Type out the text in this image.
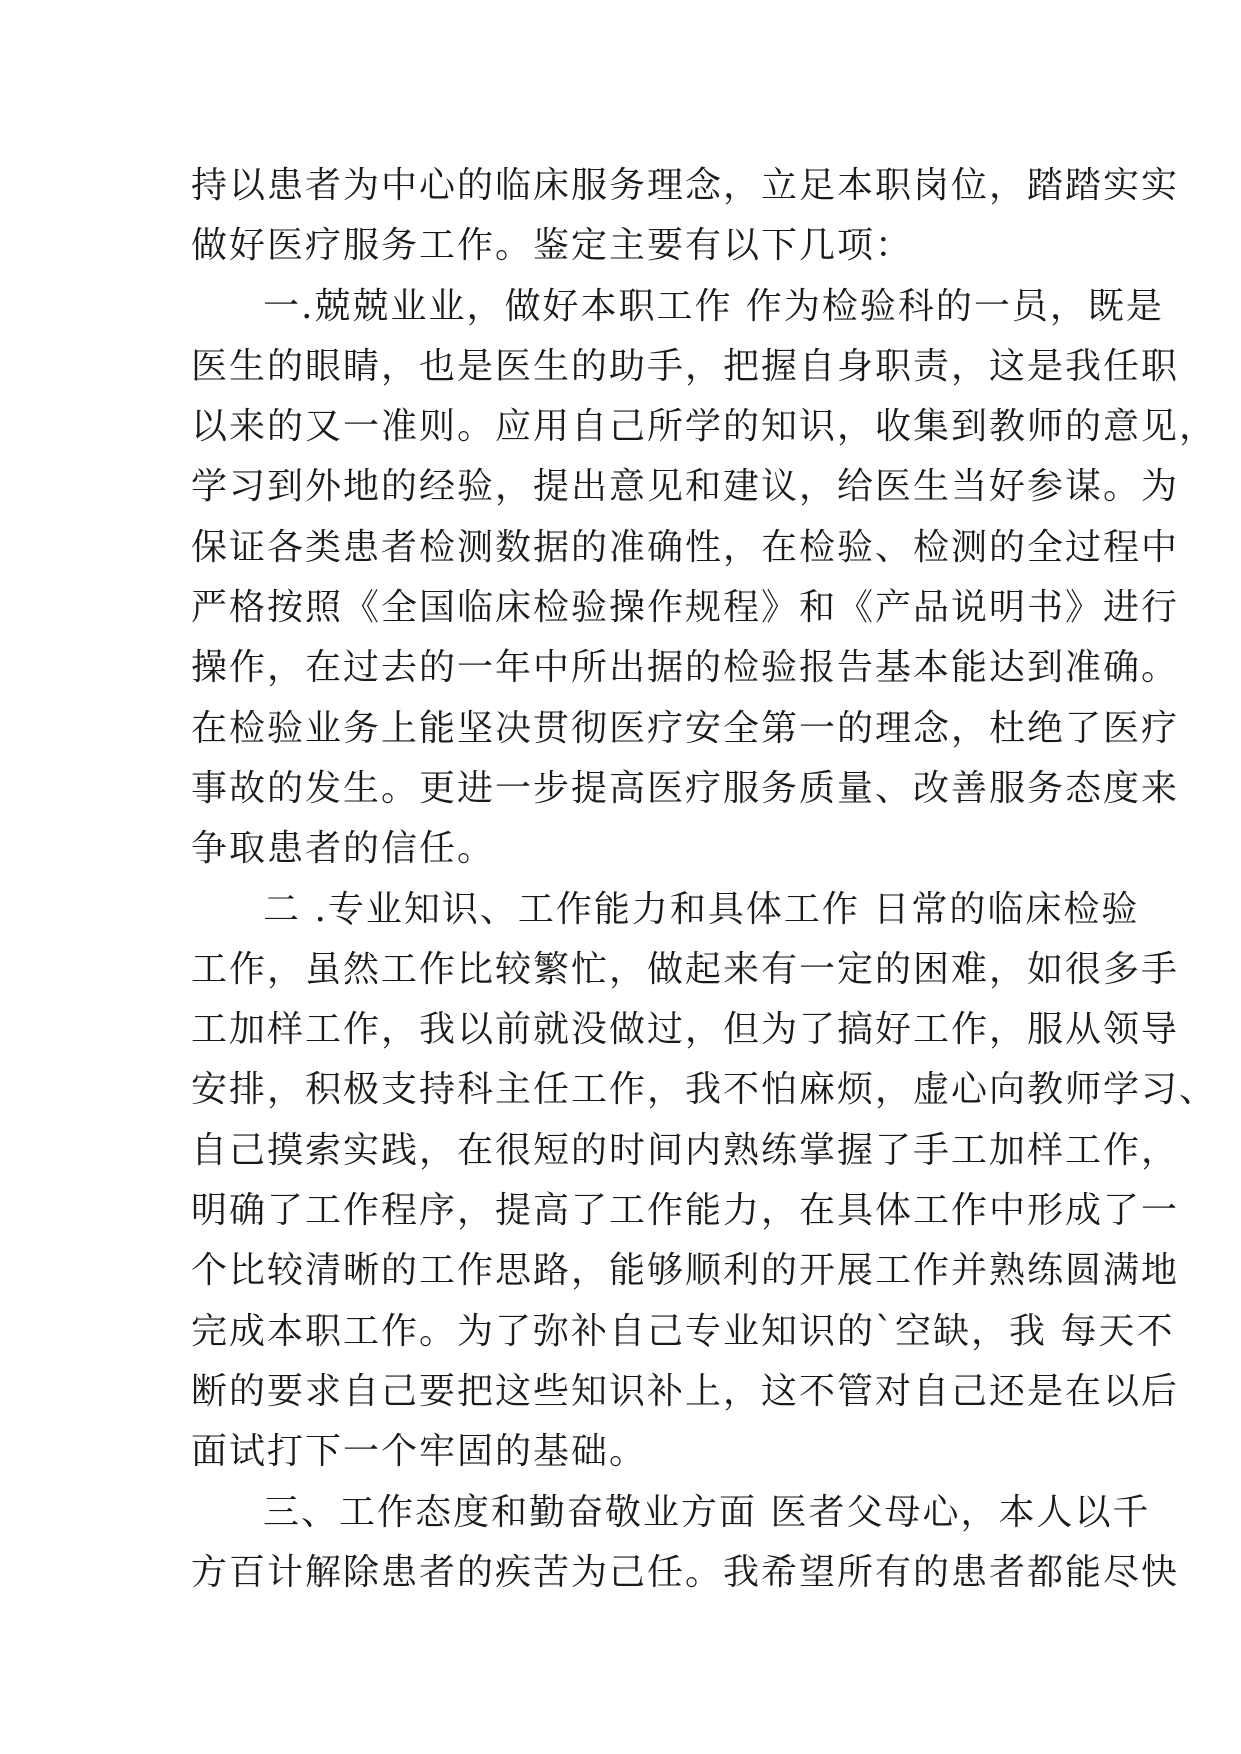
持以患者为中心的临床服务理念，立足本职岗位，踏踏实实
做好医疗服务工作。鉴定主要有以下几项：
一.兢兢业业，做好本职工作 作为检验科的一员，既是
医生的眼睛，也是医生的助手，把握自身职责，这是我任职
以来的又一准则。应用自己所学的知识，收集到教师的意见，
学习到外地的经验，提出意见和建议，给医生当好参谋。为
保证各类患者检测数据的准确性，在检验、检测的全过程中
严格按照《全国临床检验操作规程》和《产品说明书》进行
操作，在过去的一年中所出据的检验报告基本能达到准确。
在检验业务上能坚决贯彻医疗安全第一的理念，杜绝了医疗
事故的发生。更进一步提高医疗服务质量、改善服务态度来
争取患者的信任。
二 .专业知识、工作能力和具体工作 日常的临床检验
工作，虽然工作比较繁忙，做起来有一定的困难，如很多手
工加样工作，我以前就没做过，但为了搞好工作，服从领导
安排，积极支持科主任工作，我不怕麻烦，虚心向教师学习、
自己摸索实践，在很短的时间内熟练掌握了手工加样工作，
明确了工作程序，提高了工作能力，在具体工作中形成了一
个比较清晰的工作思路，能够顺利的开展工作并熟练圆满地
完成本职工作。为了弥补自己专业知识的`空缺，我 每天不
断的要求自己要把这些知识补上，这不管对自己还是在以后
面试打下一个牢固的基础。
三、工作态度和勤奋敬业方面 医者父母心，本人以千
方百计解除患者的疾苦为己任。我希望所有的患者都能尽快
